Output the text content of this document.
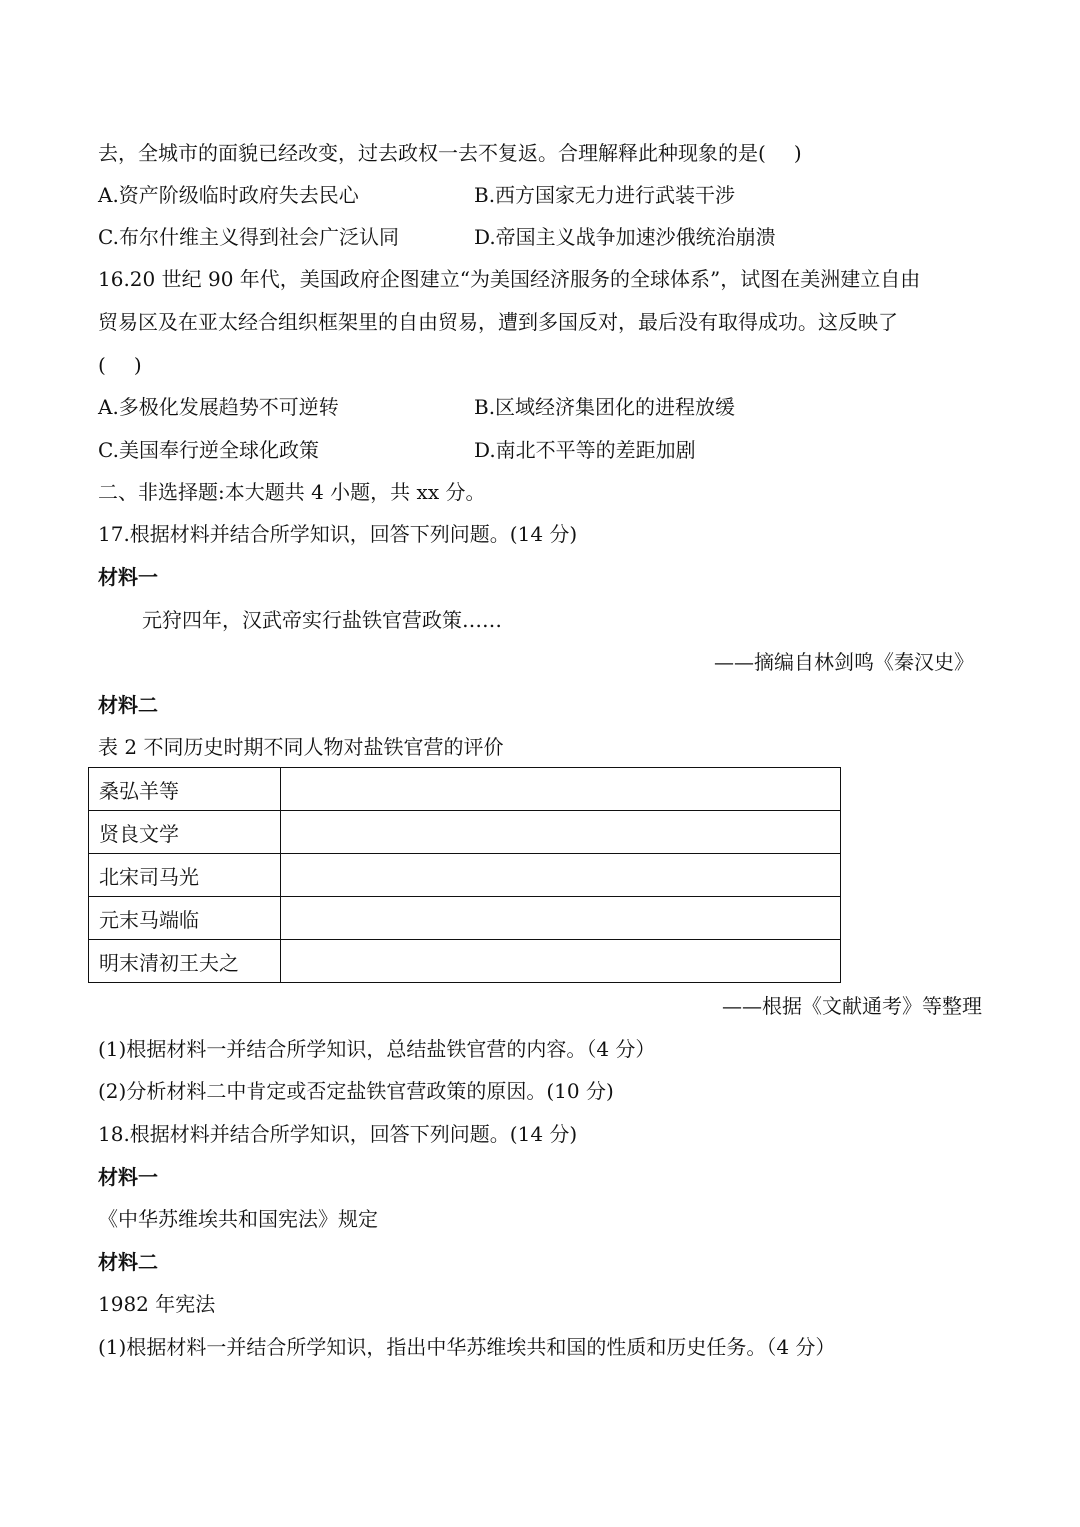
去，全城市的面貌已经改变，过去政权一去不复返。合理解释此种现象的是( )
A.资产阶级临时政府失去民心	B.西方国家无力进行武装干涉
C.布尔什维主义得到社会广泛认同	D.帝国主义战争加速沙俄统治崩溃
16.20 世纪 90 年代，美国政府企图建立“为美国经济服务的全球体系”，试图在美洲建立自由
贸易区及在亚太经合组织框架里的自由贸易，遭到多国反对，最后没有取得成功。这反映了
( )
A.多极化发展趋势不可逆转	B.区域经济集团化的进程放缓
C.美国奉行逆全球化政策	D.南北不平等的差距加剧
二、非选择题:本大题共 4 小题，共 xx 分。
17.根据材料并结合所学知识，回答下列问题。(14 分)
材料一
元狩四年，汉武帝实行盐铁官营政策……
——摘编自林剑鸣《秦汉史》
材料二
表 2 不同历史时期不同人物对盐铁官营的评价
桑弘羊等	
贤良文学	
北宋司马光	
元末马端临	
明末清初王夫之	
——根据《文献通考》等整理
(1)根据材料一并结合所学知识，总结盐铁官营的内容。（4 分）
(2)分析材料二中肯定或否定盐铁官营政策的原因。(10 分)
18.根据材料并结合所学知识，回答下列问题。(14 分)
材料一
《中华苏维埃共和国宪法》规定
材料二
1982 年宪法
(1)根据材料一并结合所学知识，指出中华苏维埃共和国的性质和历史任务。（4 分）
